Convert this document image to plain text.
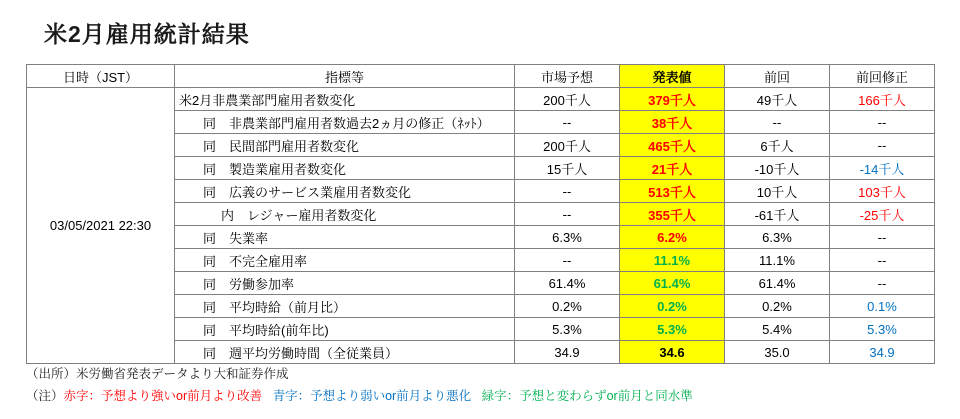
米2月雇用統計結果
日時（JST）	指標等	市場予想	発表値	前回	前回修正
03/05/2021 22:30	米2月非農業部門雇用者数変化	200千人	379千人	49千人	166千人
	同　非農業部門雇用者数過去2ヵ月の修正（ﾈｯﾄ）	--	38千人	--	--
	同　民間部門雇用者数変化	200千人	465千人	6千人	--
	同　製造業雇用者数変化	15千人	21千人	-10千人	-14千人
	同　広義のサービス業雇用者数変化	--	513千人	10千人	103千人
	内　レジャー雇用者数変化	--	355千人	-61千人	-25千人
	同　失業率	6.3%	6.2%	6.3%	--
	同　不完全雇用率	--	11.1%	11.1%	--
	同　労働参加率	61.4%	61.4%	61.4%	--
	同　平均時給（前月比）	0.2%	0.2%	0.2%	0.1%
	同　平均時給(前年比)	5.3%	5.3%	5.4%	5.3%
	同　週平均労働時間（全従業員）	34.9	34.6	35.0	34.9
（出所）米労働省発表データより大和証券作成
（注）赤字：予想より強いor前月より改善 青字：予想より弱いor前月より悪化 緑字：予想と変わらずor前月と同水準
